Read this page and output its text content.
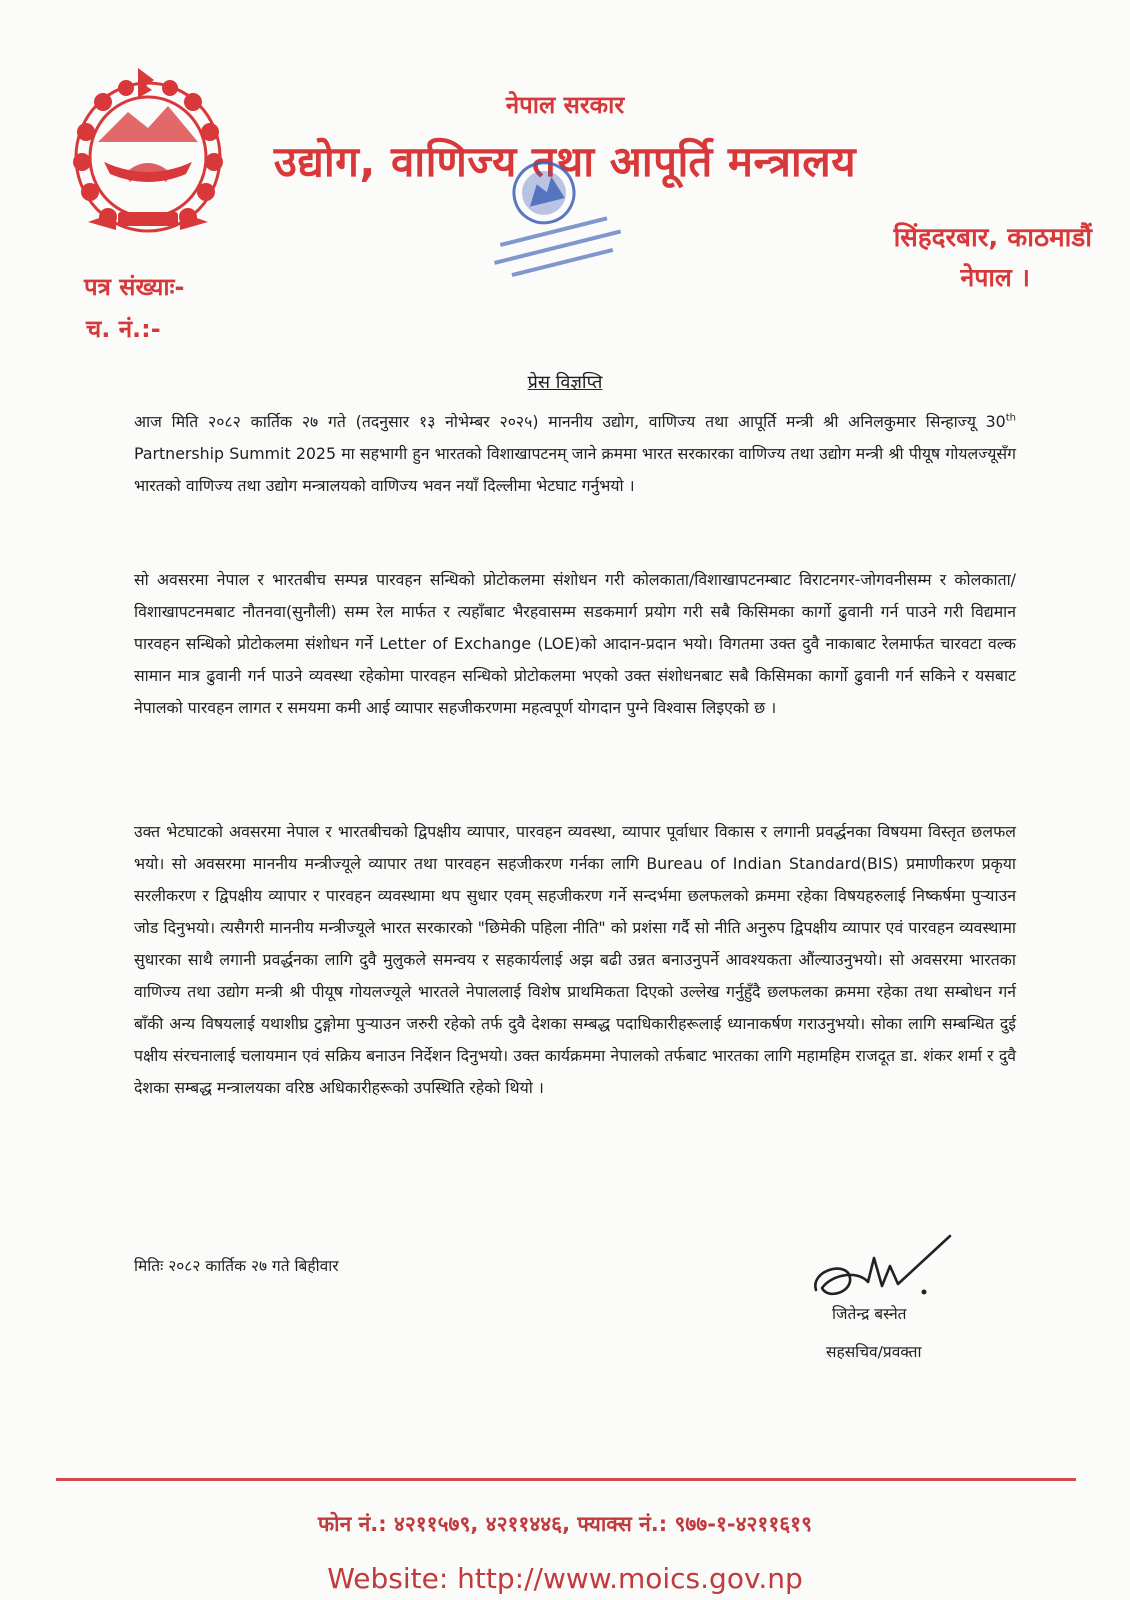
नेपाल सरकार
उद्योग, वाणिज्य तथा आपूर्ति मन्त्रालय
सिंहदरबार, काठमाडौं
नेपाल ।
पत्र संख्याः-
च. नं.:-
प्रेस विज्ञप्ति
आज मिति २०८२ कार्तिक २७ गते (तदनुसार १३ नोभेम्बर २०२५) माननीय उद्योग, वाणिज्य तथा आपूर्ति मन्त्री श्री अनिलकुमार सिन्हाज्यू 30th Partnership Summit 2025 मा सहभागी हुन भारतको विशाखापटनम् जाने क्रममा भारत सरकारका वाणिज्य तथा उद्योग मन्त्री श्री पीयूष गोयलज्यूसँग भारतको वाणिज्य तथा उद्योग मन्त्रालयको वाणिज्य भवन नयाँ दिल्लीमा भेटघाट गर्नुभयो ।
सो अवसरमा नेपाल र भारतबीच सम्पन्न पारवहन सन्धिको प्रोटोकलमा संशोधन गरी कोलकाता/विशाखापटनम्बाट विराटनगर-जोगवनीसम्म र कोलकाता/विशाखापटनमबाट नौतनवा(सुनौली) सम्म रेल मार्फत र त्यहाँबाट भैरहवासम्म सडकमार्ग प्रयोग गरी सबै किसिमका कार्गो ढुवानी गर्न पाउने गरी विद्यमान पारवहन सन्धिको प्रोटोकलमा संशोधन गर्ने Letter of Exchange (LOE)को आदान-प्रदान भयो। विगतमा उक्त दुवै नाकाबाट रेलमार्फत चारवटा वल्क सामान मात्र ढुवानी गर्न पाउने व्यवस्था रहेकोमा पारवहन सन्धिको प्रोटोकलमा भएको उक्त संशोधनबाट सबै किसिमका कार्गो ढुवानी गर्न सकिने र यसबाट नेपालको पारवहन लागत र समयमा कमी आई व्यापार सहजीकरणमा महत्वपूर्ण योगदान पुग्ने विश्वास लिइएको छ ।
उक्त भेटघाटको अवसरमा नेपाल र भारतबीचको द्विपक्षीय व्यापार, पारवहन व्यवस्था, व्यापार पूर्वाधार विकास र लगानी प्रवर्द्धनका विषयमा विस्तृत छलफल भयो। सो अवसरमा माननीय मन्त्रीज्यूले व्यापार तथा पारवहन सहजीकरण गर्नका लागि Bureau of Indian Standard(BIS) प्रमाणीकरण प्रकृया सरलीकरण र द्विपक्षीय व्यापार र पारवहन व्यवस्थामा थप सुधार एवम् सहजीकरण गर्ने सन्दर्भमा छलफलको क्रममा रहेका विषयहरुलाई निष्कर्षमा पुऱ्याउन जोड दिनुभयो। त्यसैगरी माननीय मन्त्रीज्यूले भारत सरकारको "छिमेकी पहिला नीति" को प्रशंसा गर्दै सो नीति अनुरुप द्विपक्षीय व्यापार एवं पारवहन व्यवस्थामा सुधारका साथै लगानी प्रवर्द्धनका लागि दुवै मुलुकले समन्वय र सहकार्यलाई अझ बढी उन्नत बनाउनुपर्ने आवश्यकता औंल्याउनुभयो। सो अवसरमा भारतका वाणिज्य तथा उद्योग मन्त्री श्री पीयूष गोयलज्यूले भारतले नेपाललाई विशेष प्राथमिकता दिएको उल्लेख गर्नुहुँदै छलफलका क्रममा रहेका तथा सम्बोधन गर्न बाँकी अन्य विषयलाई यथाशीघ्र टुङ्गोमा पुऱ्याउन जरुरी रहेको तर्फ दुवै देशका सम्बद्ध पदाधिकारीहरूलाई ध्यानाकर्षण गराउनुभयो। सोका लागि सम्बन्धित दुई पक्षीय संरचनालाई चलायमान एवं सक्रिय बनाउन निर्देशन दिनुभयो। उक्त कार्यक्रममा नेपालको तर्फबाट भारतका लागि महामहिम राजदूत डा. शंकर शर्मा र दुवै देशका सम्बद्ध मन्त्रालयका वरिष्ठ अधिकारीहरूको उपस्थिति रहेको थियो ।
मितिः २०८२ कार्तिक २७ गते बिहीवार
जितेन्द्र बस्नेत
सहसचिव/प्रवक्ता
फोन नं.: ४२११५७९, ४२११४४६, फ्याक्स नं.: ९७७-१-४२११६१९
Website: http://www.moics.gov.np
